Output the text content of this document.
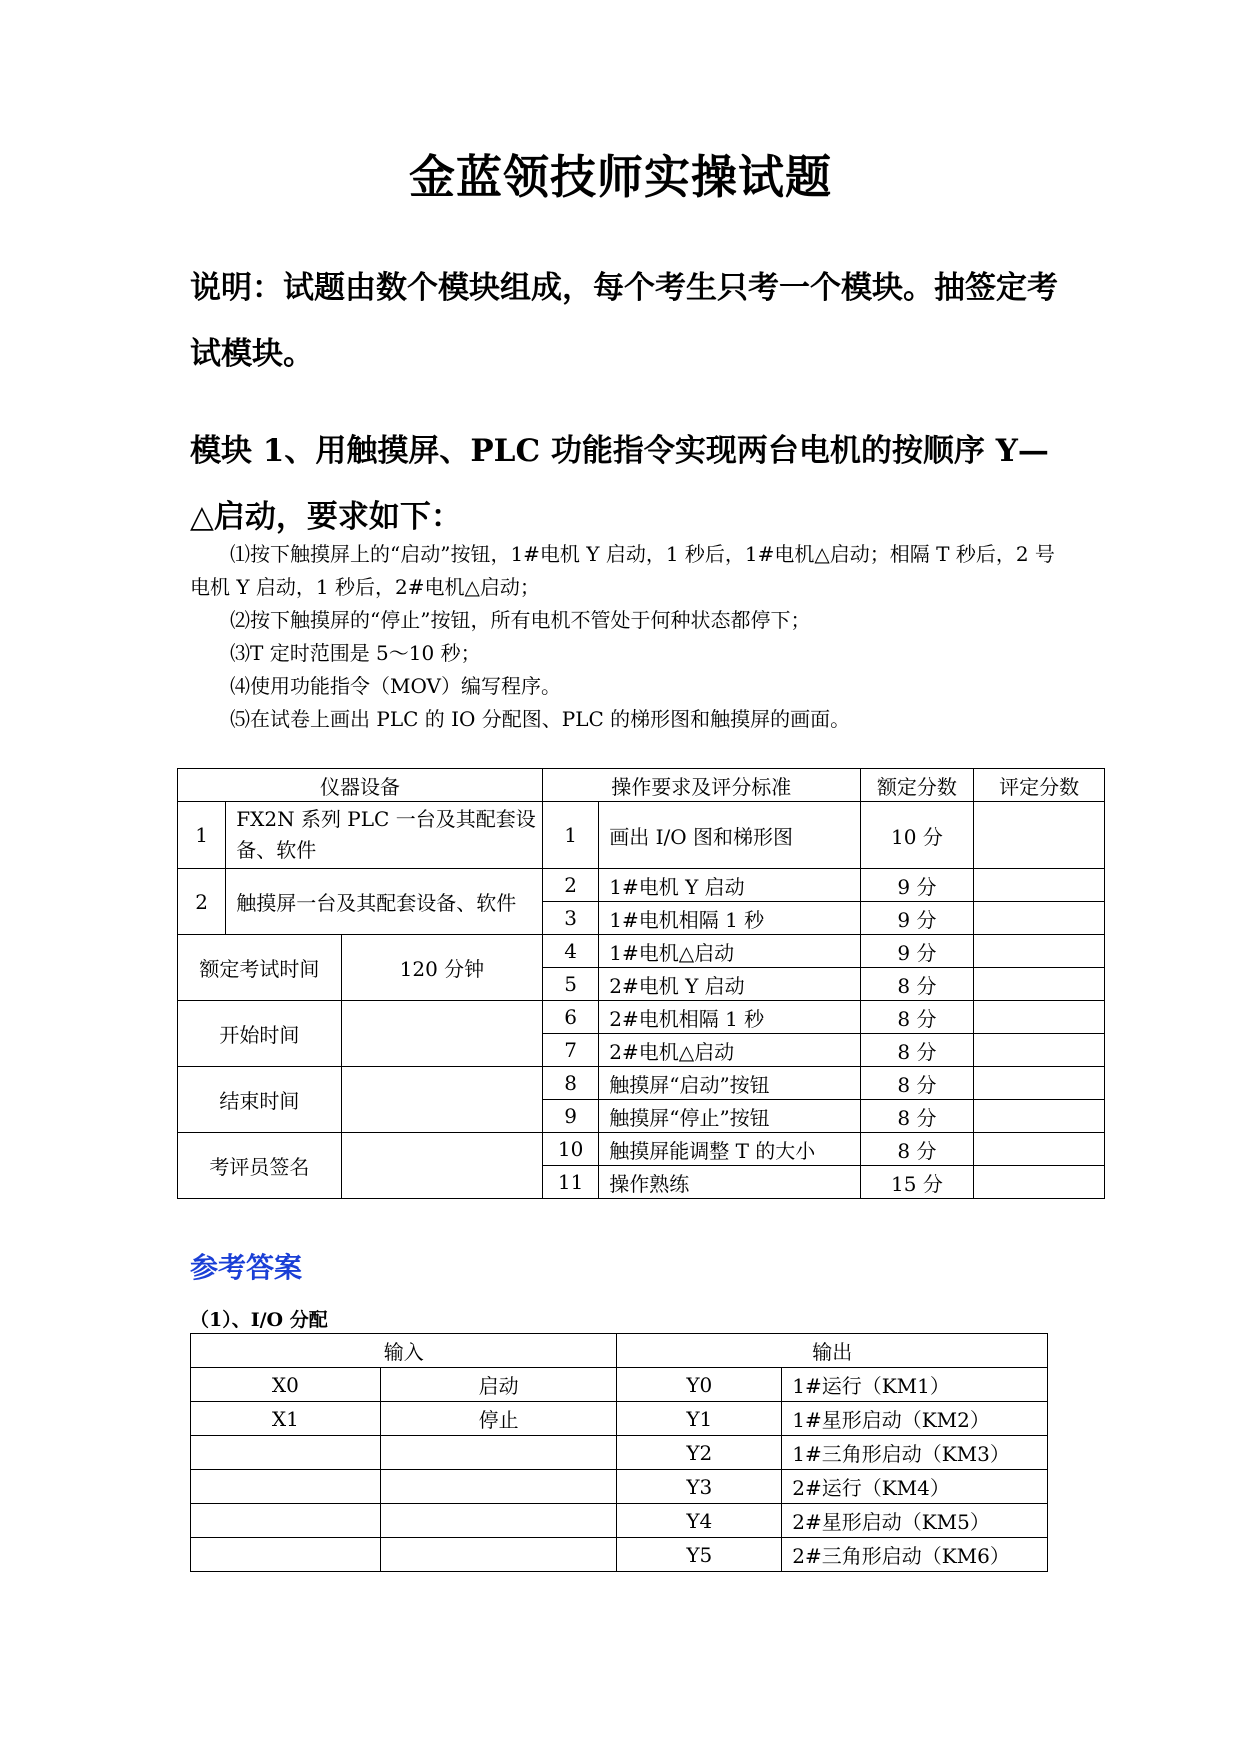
金蓝领技师实操试题
说明：试题由数个模块组成，每个考生只考一个模块。抽签定考试模块。
模块 1、用触摸屏、PLC 功能指令实现两台电机的按顺序 Y—△启动，要求如下：

⑴按下触摸屏上的“启动”按钮，1#电机 Y 启动，1 秒后，1#电机△启动；相隔 T 秒后，2 号电机 Y 启动，1 秒后，2#电机△启动；

⑵按下触摸屏的“停止”按钮，所有电机不管处于何种状态都停下；

⑶T 定时范围是 5～10 秒；

⑷使用功能指令（MOV）编写程序。

⑸在试卷上画出 PLC 的 IO 分配图、PLC 的梯形图和触摸屏的画面。

仪器设备			操作要求及评分标准		额定分数	评定分数
1	FX2N 系列 PLC 一台及其配套设备、软件		1	画出 I/O 图和梯形图	10 分	
2	触摸屏一台及其配套设备、软件		2	1#电机 Y 启动	9 分	
			3	1#电机相隔 1 秒	9 分	
额定考试时间		120 分钟	4	1#电机△启动	9 分	
			5	2#电机 Y 启动	8 分	
开始时间			6	2#电机相隔 1 秒	8 分	
			7	2#电机△启动	8 分	
结束时间			8	触摸屏“启动”按钮	8 分	
			9	触摸屏“停止”按钮	8 分	
考评员签名			10	触摸屏能调整 T 的大小	8 分	
			11	操作熟练	15 分	
参考答案
（1）、I/O 分配
输入		输出	
X0	启动	Y0	1#运行（KM1）
X1	停止	Y1	1#星形启动（KM2）
		Y2	1#三角形启动（KM3）
		Y3	2#运行（KM4）
		Y4	2#星形启动（KM5）
		Y5	2#三角形启动（KM6）
